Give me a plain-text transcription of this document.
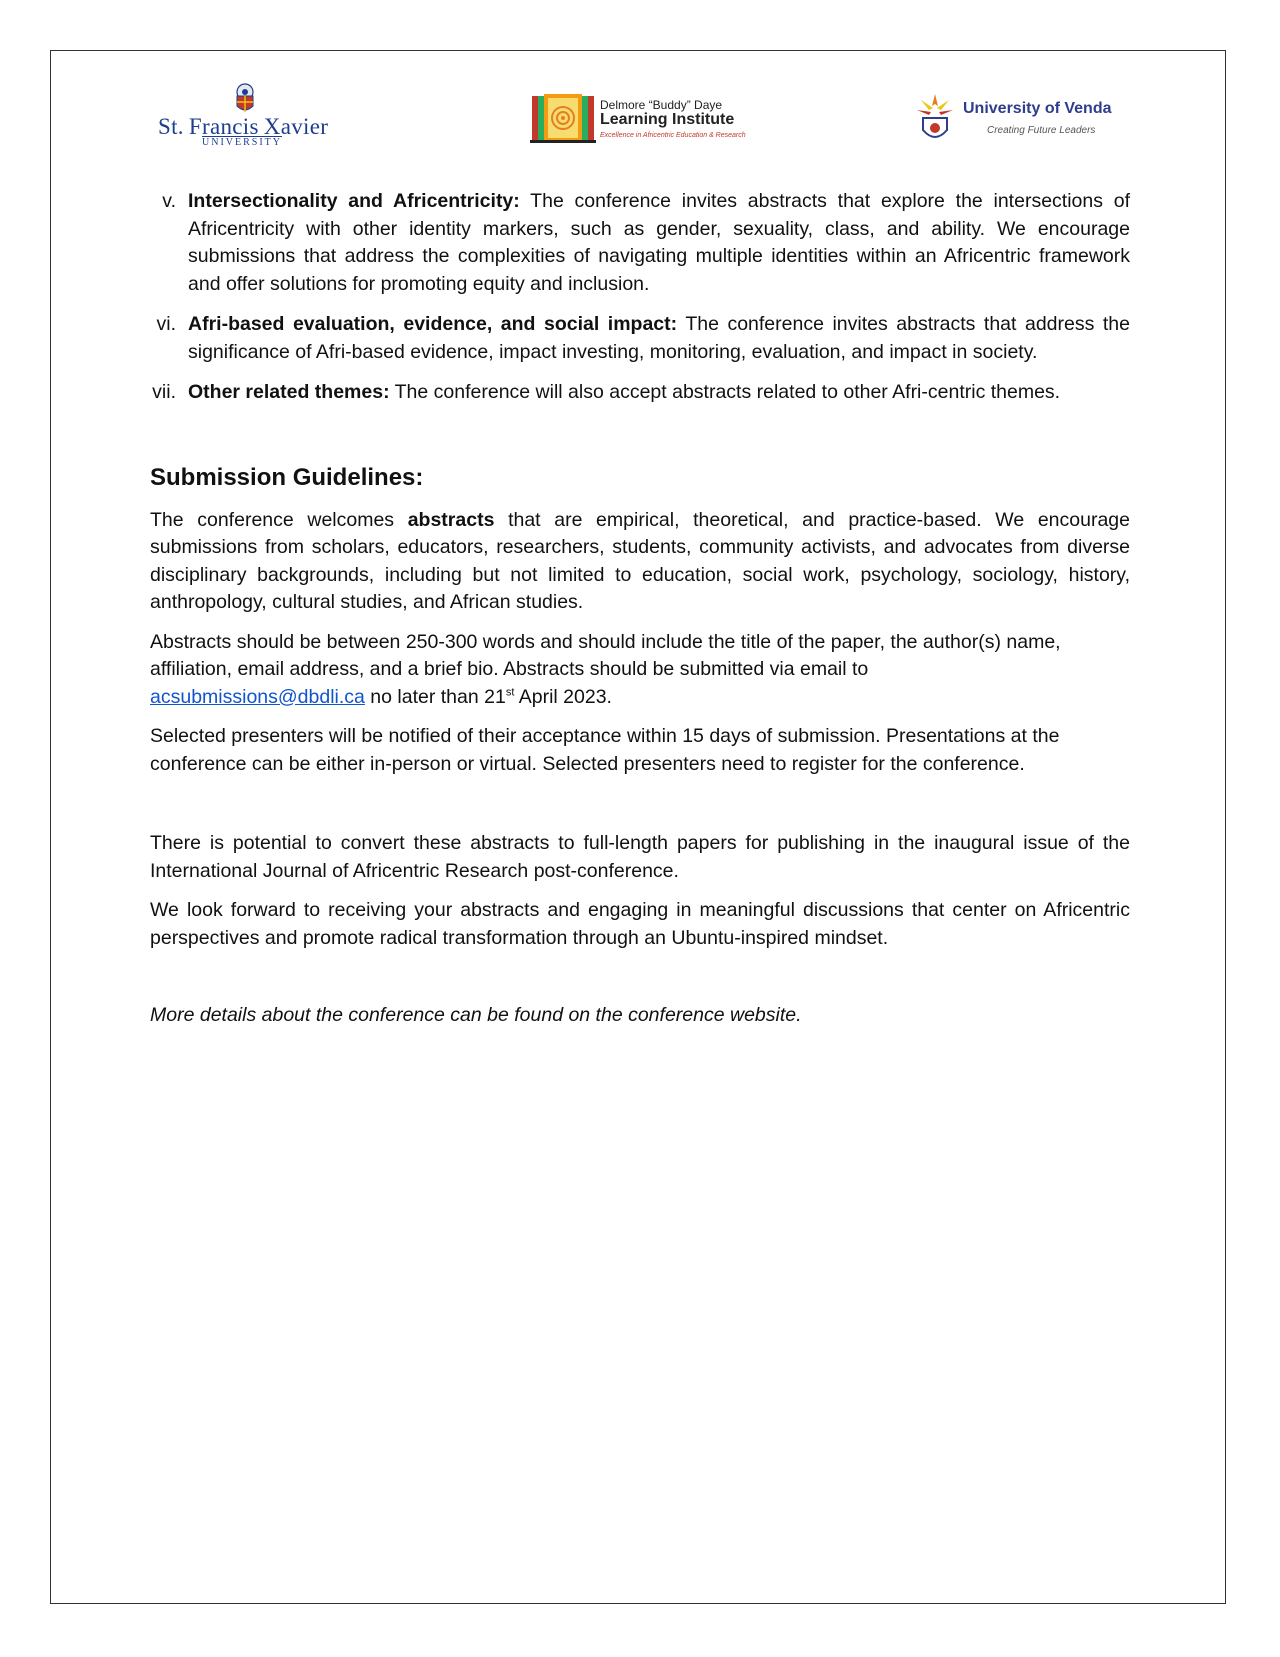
St. Francis Xavier
UNIVERSITY
Delmore “Buddy” Daye
Learning Institute
Excellence in Africentric Education & Research
University of Venda
Creating Future Leaders
v. Intersectionality and Africentricity: The conference invites abstracts that explore the intersections of Africentricity with other identity markers, such as gender, sexuality, class, and ability. We encourage submissions that address the complexities of navigating multiple identities within an Africentric framework and offer solutions for promoting equity and inclusion.
vi. Afri-based evaluation, evidence, and social impact: The conference invites abstracts that address the significance of Afri-based evidence, impact investing, monitoring, evaluation, and impact in society.
vii. Other related themes: The conference will also accept abstracts related to other Afri-centric themes.
Submission Guidelines:

The conference welcomes abstracts that are empirical, theoretical, and practice-based. We encourage submissions from scholars, educators, researchers, students, community activists, and advocates from diverse disciplinary backgrounds, including but not limited to education, social work, psychology, sociology, history, anthropology, cultural studies, and African studies.

Abstracts should be between 250-300 words and should include the title of the paper, the author(s) name, affiliation, email address, and a brief bio. Abstracts should be submitted via email to
acsubmissions@dbdli.ca no later than 21st April 2023.

Selected presenters will be notified of their acceptance within 15 days of submission. Presentations at the conference can be either in-person or virtual. Selected presenters need to register for the conference.

There is potential to convert these abstracts to full-length papers for publishing in the inaugural issue of the International Journal of Africentric Research post-conference.

We look forward to receiving your abstracts and engaging in meaningful discussions that center on Africentric perspectives and promote radical transformation through an Ubuntu-inspired mindset.

More details about the conference can be found on the conference website.
